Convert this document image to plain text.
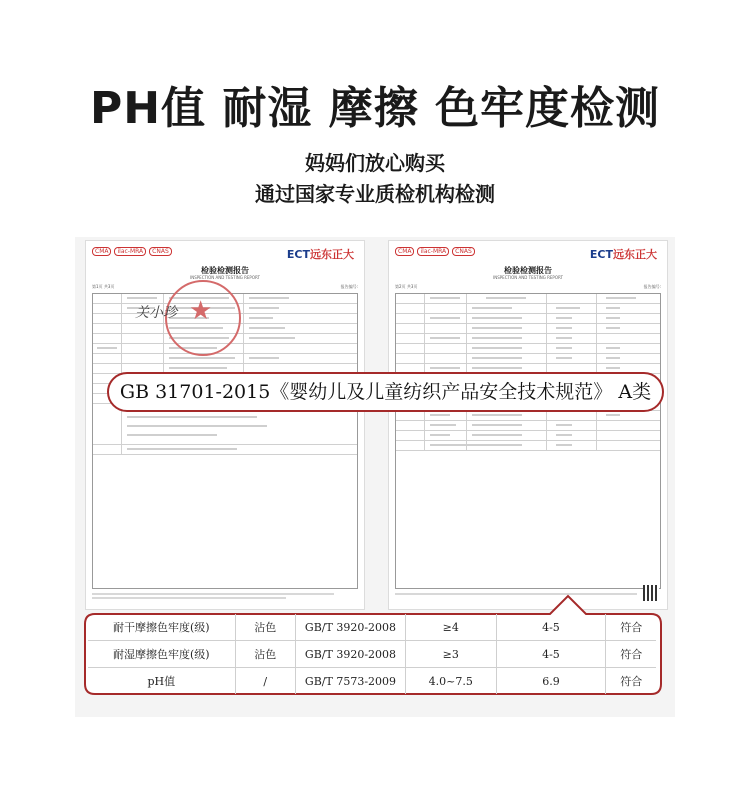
PH值 耐湿 摩擦 色牢度检测
妈妈们放心购买
通过国家专业质检机构检测
CMA	ilac-MRA	CNAS	ECT远东正大
检验检测报告
INSPECTION AND TESTING REPORT
第1页 共3页	报告编号:
★
关小珍
CMA	ilac-MRA	CNAS	ECT远东正大
检验检测报告
INSPECTION AND TESTING REPORT
第2页 共3页	报告编号:
GB 31701-2015《婴幼儿及儿童纺织产品安全技术规范》 A类
耐干摩擦色牢度(级)	沾色	GB/T 3920-2008	≥4	4-5	符合
耐湿摩擦色牢度(级)	沾色	GB/T 3920-2008	≥3	4-5	符合
pH值	/	GB/T 7573-2009	4.0~7.5	6.9	符合
